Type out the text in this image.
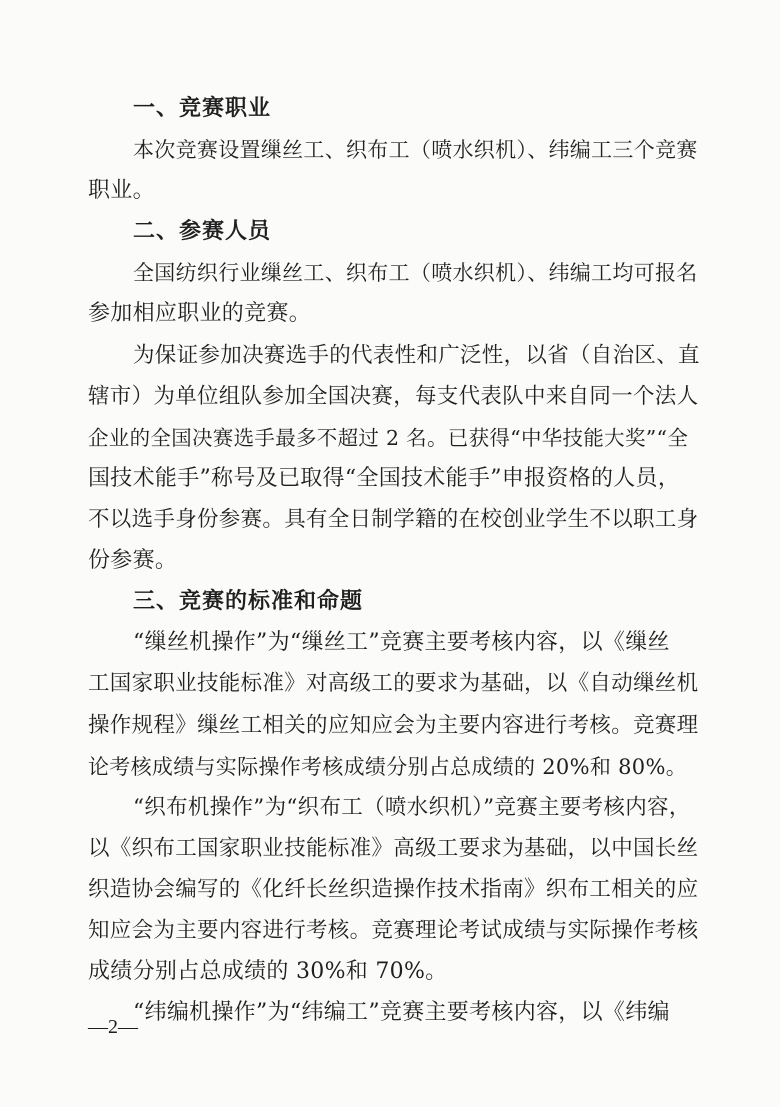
一、竞赛职业
本次竞赛设置缫丝工、织布工（喷水织机）、纬编工三个竞赛
职业。
二、参赛人员
全国纺织行业缫丝工、织布工（喷水织机）、纬编工均可报名
参加相应职业的竞赛。
为保证参加决赛选手的代表性和广泛性，以省（自治区、直
辖市）为单位组队参加全国决赛，每支代表队中来自同一个法人
企业的全国决赛选手最多不超过 2 名。已获得“中华技能大奖”“全
国技术能手”称号及已取得“全国技术能手”申报资格的人员，
不以选手身份参赛。具有全日制学籍的在校创业学生不以职工身
份参赛。
三、竞赛的标准和命题
“缫丝机操作”为“缫丝工”竞赛主要考核内容，以《缫丝
工国家职业技能标准》对高级工的要求为基础，以《自动缫丝机
操作规程》缫丝工相关的应知应会为主要内容进行考核。竞赛理
论考核成绩与实际操作考核成绩分别占总成绩的 20%和 80%。
“织布机操作”为“织布工（喷水织机）”竞赛主要考核内容，
以《织布工国家职业技能标准》高级工要求为基础，以中国长丝
织造协会编写的《化纤长丝织造操作技术指南》织布工相关的应
知应会为主要内容进行考核。竞赛理论考试成绩与实际操作考核
成绩分别占总成绩的 30%和 70%。
“纬编机操作”为“纬编工”竞赛主要考核内容，以《纬编
—2—
